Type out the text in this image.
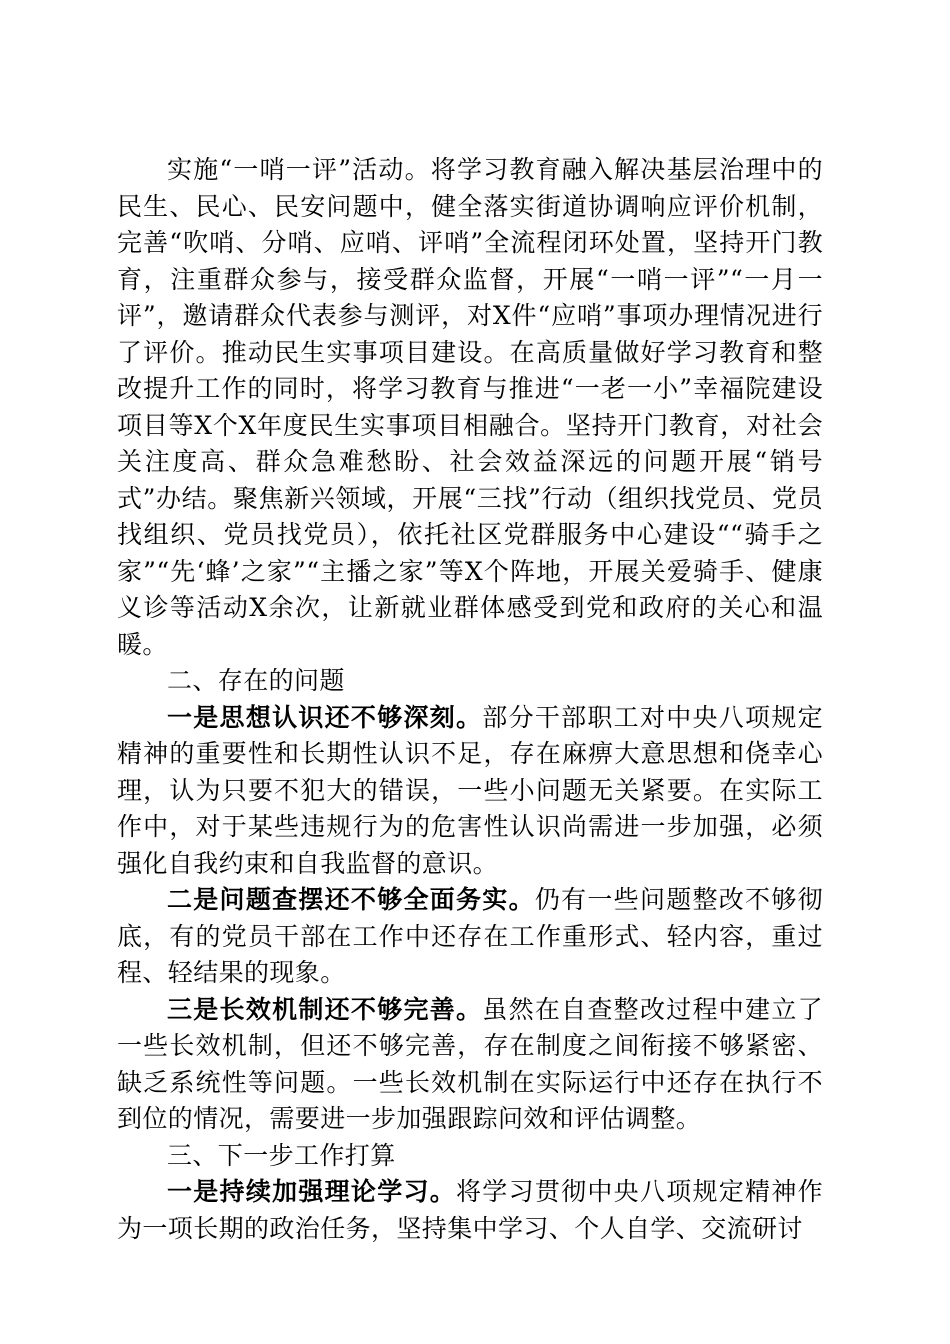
实施“一哨一评”活动。将学习教育融入解决基层治理中的民生、民心、民安问题中，健全落实街道协调响应评价机制，完善“吹哨、分哨、应哨、评哨”全流程闭环处置，坚持开门教育，注重群众参与，接受群众监督，开展“一哨一评”“一月一评”，邀请群众代表参与测评，对X件“应哨”事项办理情况进行了评价。推动民生实事项目建设。在高质量做好学习教育和整改提升工作的同时，将学习教育与推进“一老一小”幸福院建设项目等X个X年度民生实事项目相融合。坚持开门教育，对社会关注度高、群众急难愁盼、社会效益深远的问题开展“销号式”办结。聚焦新兴领域，开展“三找”行动（组织找党员、党员找组织、党员找党员），依托社区党群服务中心建设““骑手之家”“先‘蜂’之家”“主播之家”等X个阵地，开展关爱骑手、健康义诊等活动X余次，让新就业群体感受到党和政府的关心和温暖。

二、存在的问题

一是思想认识还不够深刻。部分干部职工对中央八项规定精神的重要性和长期性认识不足，存在麻痹大意思想和侥幸心理，认为只要不犯大的错误，一些小问题无关紧要。在实际工作中，对于某些违规行为的危害性认识尚需进一步加强，必须强化自我约束和自我监督的意识。

二是问题查摆还不够全面务实。仍有一些问题整改不够彻底，有的党员干部在工作中还存在工作重形式、轻内容，重过程、轻结果的现象。

三是长效机制还不够完善。虽然在自查整改过程中建立了一些长效机制，但还不够完善，存在制度之间衔接不够紧密、缺乏系统性等问题。一些长效机制在实际运行中还存在执行不到位的情况，需要进一步加强跟踪问效和评估调整。

三、下一步工作打算

一是持续加强理论学习。将学习贯彻中央八项规定精神作为一项长期的政治任务，坚持集中学习、个人自学、交流研讨
